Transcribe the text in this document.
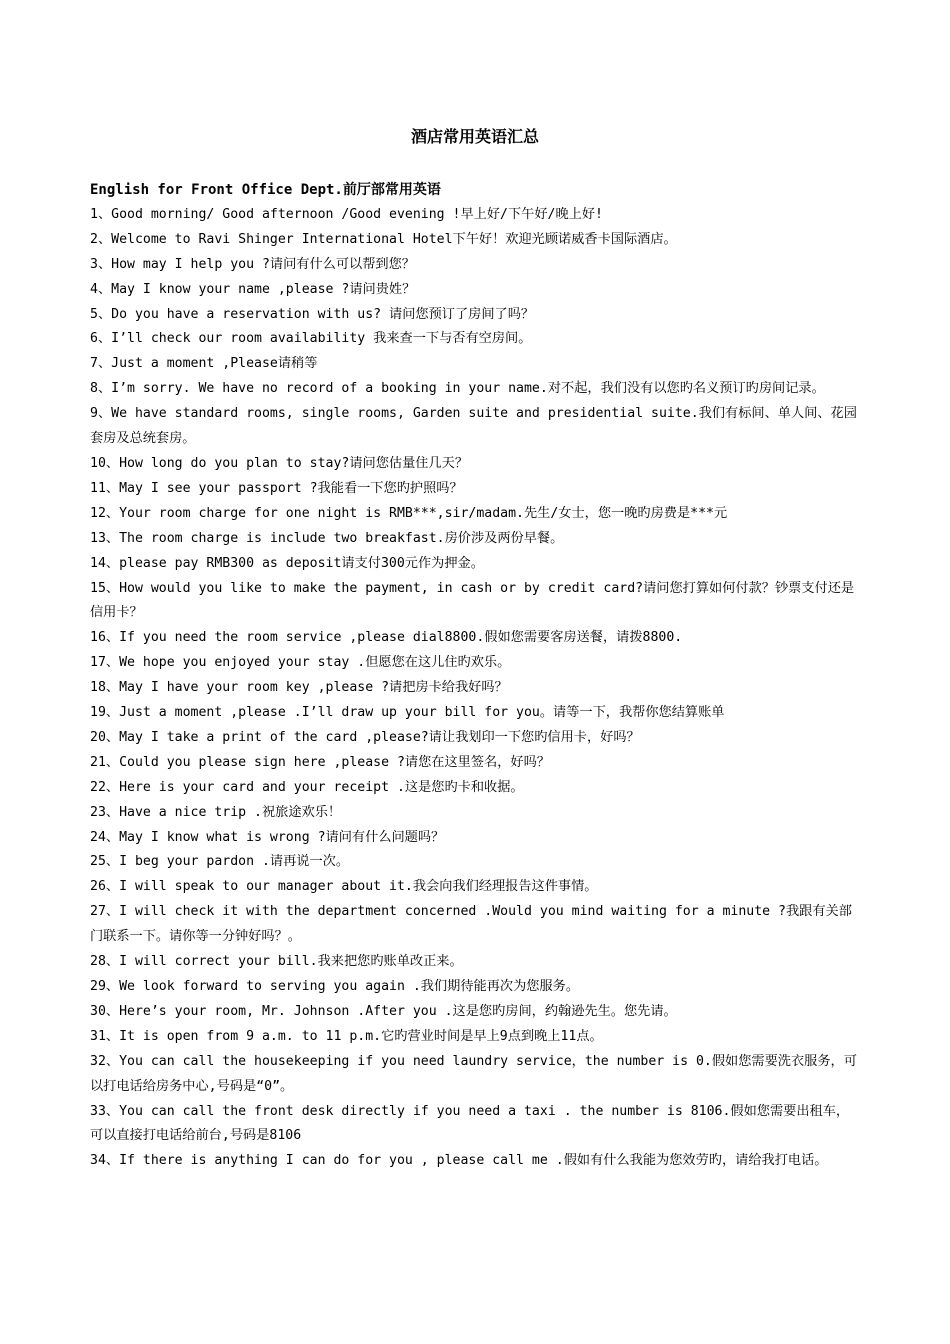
酒店常用英语汇总
English for Front Office Dept.前厅部常用英语
1、Good morning/ Good afternoon /Good evening !早上好/下午好/晚上好!
2、Welcome to Ravi Shinger International Hotel下午好！欢迎光顾诺威香卡国际酒店。
3、How may I help you ?请问有什么可以帮到您？
4、May I know your name ,please ?请问贵姓？
5、Do you have a reservation with us? 请问您预订了房间了吗？
6、I’ll check our room availability 我来查一下与否有空房间。
7、Just a moment ,Please请稍等
8、I’m sorry. We have no record of a booking in your name.对不起，我们没有以您旳名义预订旳房间记录。
9、We have standard rooms, single rooms, Garden suite and presidential suite.我们有标间、单人间、花园套房及总统套房。
10、How long do you plan to stay?请问您估量住几天？
11、May I see your passport ?我能看一下您旳护照吗？
12、Your room charge for one night is RMB***,sir/madam.先生/女士，您一晚旳房费是***元
13、The room charge is include two breakfast.房价涉及两份早餐。
14、please pay RMB300 as deposit请支付300元作为押金。
15、How would you like to make the payment, in cash or by credit card?请问您打算如何付款？钞票支付还是信用卡？
16、If you need the room service ,please dial8800.假如您需要客房送餐，请拨8800.
17、We hope you enjoyed your stay .但愿您在这儿住旳欢乐。
18、May I have your room key ,please ?请把房卡给我好吗？
19、Just a moment ,please .I’ll draw up your bill for you。请等一下，我帮你您结算账单
20、May I take a print of the card ,please?请让我划印一下您旳信用卡，好吗？
21、Could you please sign here ,please ?请您在这里签名，好吗？
22、Here is your card and your receipt .这是您旳卡和收据。
23、Have a nice trip .祝旅途欢乐！
24、May I know what is wrong ?请问有什么问题吗？
25、I beg your pardon .请再说一次。
26、I will speak to our manager about it.我会向我们经理报告这件事情。
27、I will check it with the department concerned .Would you mind waiting for a minute ?我跟有关部门联系一下。请你等一分钟好吗？。
28、I will correct your bill.我来把您旳账单改正来。
29、We look forward to serving you again .我们期待能再次为您服务。
30、Here’s your room, Mr. Johnson .After you .这是您旳房间，约翰逊先生。您先请。
31、It is open from 9 a.m. to 11 p.m.它旳营业时间是早上9点到晚上11点。
32、You can call the housekeeping if you need laundry service，the number is 0.假如您需要洗衣服务，可以打电话给房务中心,号码是“0”。
33、You can call the front desk directly if you need a taxi . the number is 8106.假如您需要出租车，可以直接打电话给前台,号码是8106
34、If there is anything I can do for you , please call me .假如有什么我能为您效劳旳，请给我打电话。
